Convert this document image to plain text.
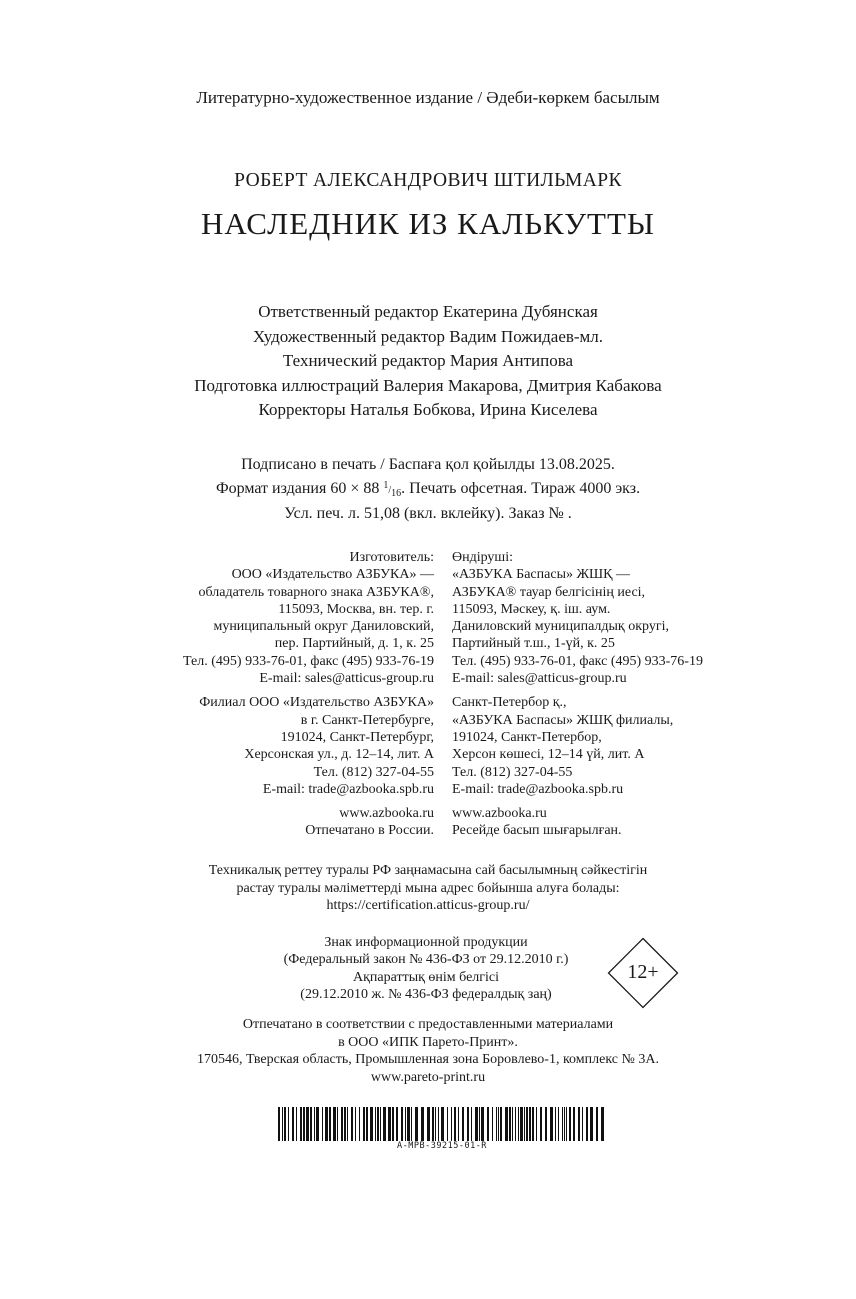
Литературно-художественное издание / Әдеби-көркем басылым
РОБЕРТ АЛЕКСАНДРОВИЧ ШТИЛЬМАРК
НАСЛЕДНИК ИЗ КАЛЬКУТТЫ
Ответственный редактор Екатерина Дубянская
Художественный редактор Вадим Пожидаев-мл.
Технический редактор Мария Антипова
Подготовка иллюстраций Валерия Макарова, Дмитрия Кабакова
Корректоры Наталья Бобкова, Ирина Киселева
Подписано в печать / Баспаға қол қойылды 13.08.2025.
Формат издания 60 × 88 1/16. Печать офсетная. Тираж 4000 экз.
Усл. печ. л. 51,08 (вкл. вклейку). Заказ № .
Изготовитель:
ООО «Издательство АЗБУКА» —
обладатель товарного знака АЗБУКА®,
115093, Москва, вн. тер. г.
муниципальный округ Даниловский,
пер. Партийный, д. 1, к. 25
Тел. (495) 933-76-01, факс (495) 933-76-19
E-mail: sales@atticus-group.ru
Филиал ООО «Издательство АЗБУКА»
в г. Санкт-Петербурге,
191024, Санкт-Петербург,
Херсонская ул., д. 12–14, лит. А
Тел. (812) 327-04-55
E-mail: trade@azbooka.spb.ru
www.azbooka.ru
Отпечатано в России.
Өндіруші:
«АЗБУКА Баспасы» ЖШҚ —
АЗБУКА® тауар белгісінің иесі,
115093, Мәскеу, қ. іш. аум.
Даниловский муниципалдық округі,
Партийный т.ш., 1-үй, к. 25
Тел. (495) 933-76-01, факс (495) 933-76-19
E-mail: sales@atticus-group.ru
Санкт-Петербор қ.,
«АЗБУКА Баспасы» ЖШҚ филиалы,
191024, Санкт-Петербор,
Херсон көшесі, 12–14 үй, лит. А
Тел. (812) 327-04-55
E-mail: trade@azbooka.spb.ru
www.azbooka.ru
Ресейде басып шығарылған.
Техникалық реттеу туралы РФ заңнамасына сай басылымның сәйкестігін
растау туралы мәліметтерді мына адрес бойынша алуға болады:
https://certification.atticus-group.ru/
Знак информационной продукции
(Федеральный закон № 436-ФЗ от 29.12.2010 г.)
Ақпараттық өнім белгісі
(29.12.2010 ж. № 436-ФЗ федералдық заң)
12+
Отпечатано в соответствии с предоставленными материалами
в ООО «ИПК Парето-Принт».
170546, Тверская область, Промышленная зона Боровлево-1, комплекс № 3А.
www.pareto-print.ru
A-MPB-39215-01-R
